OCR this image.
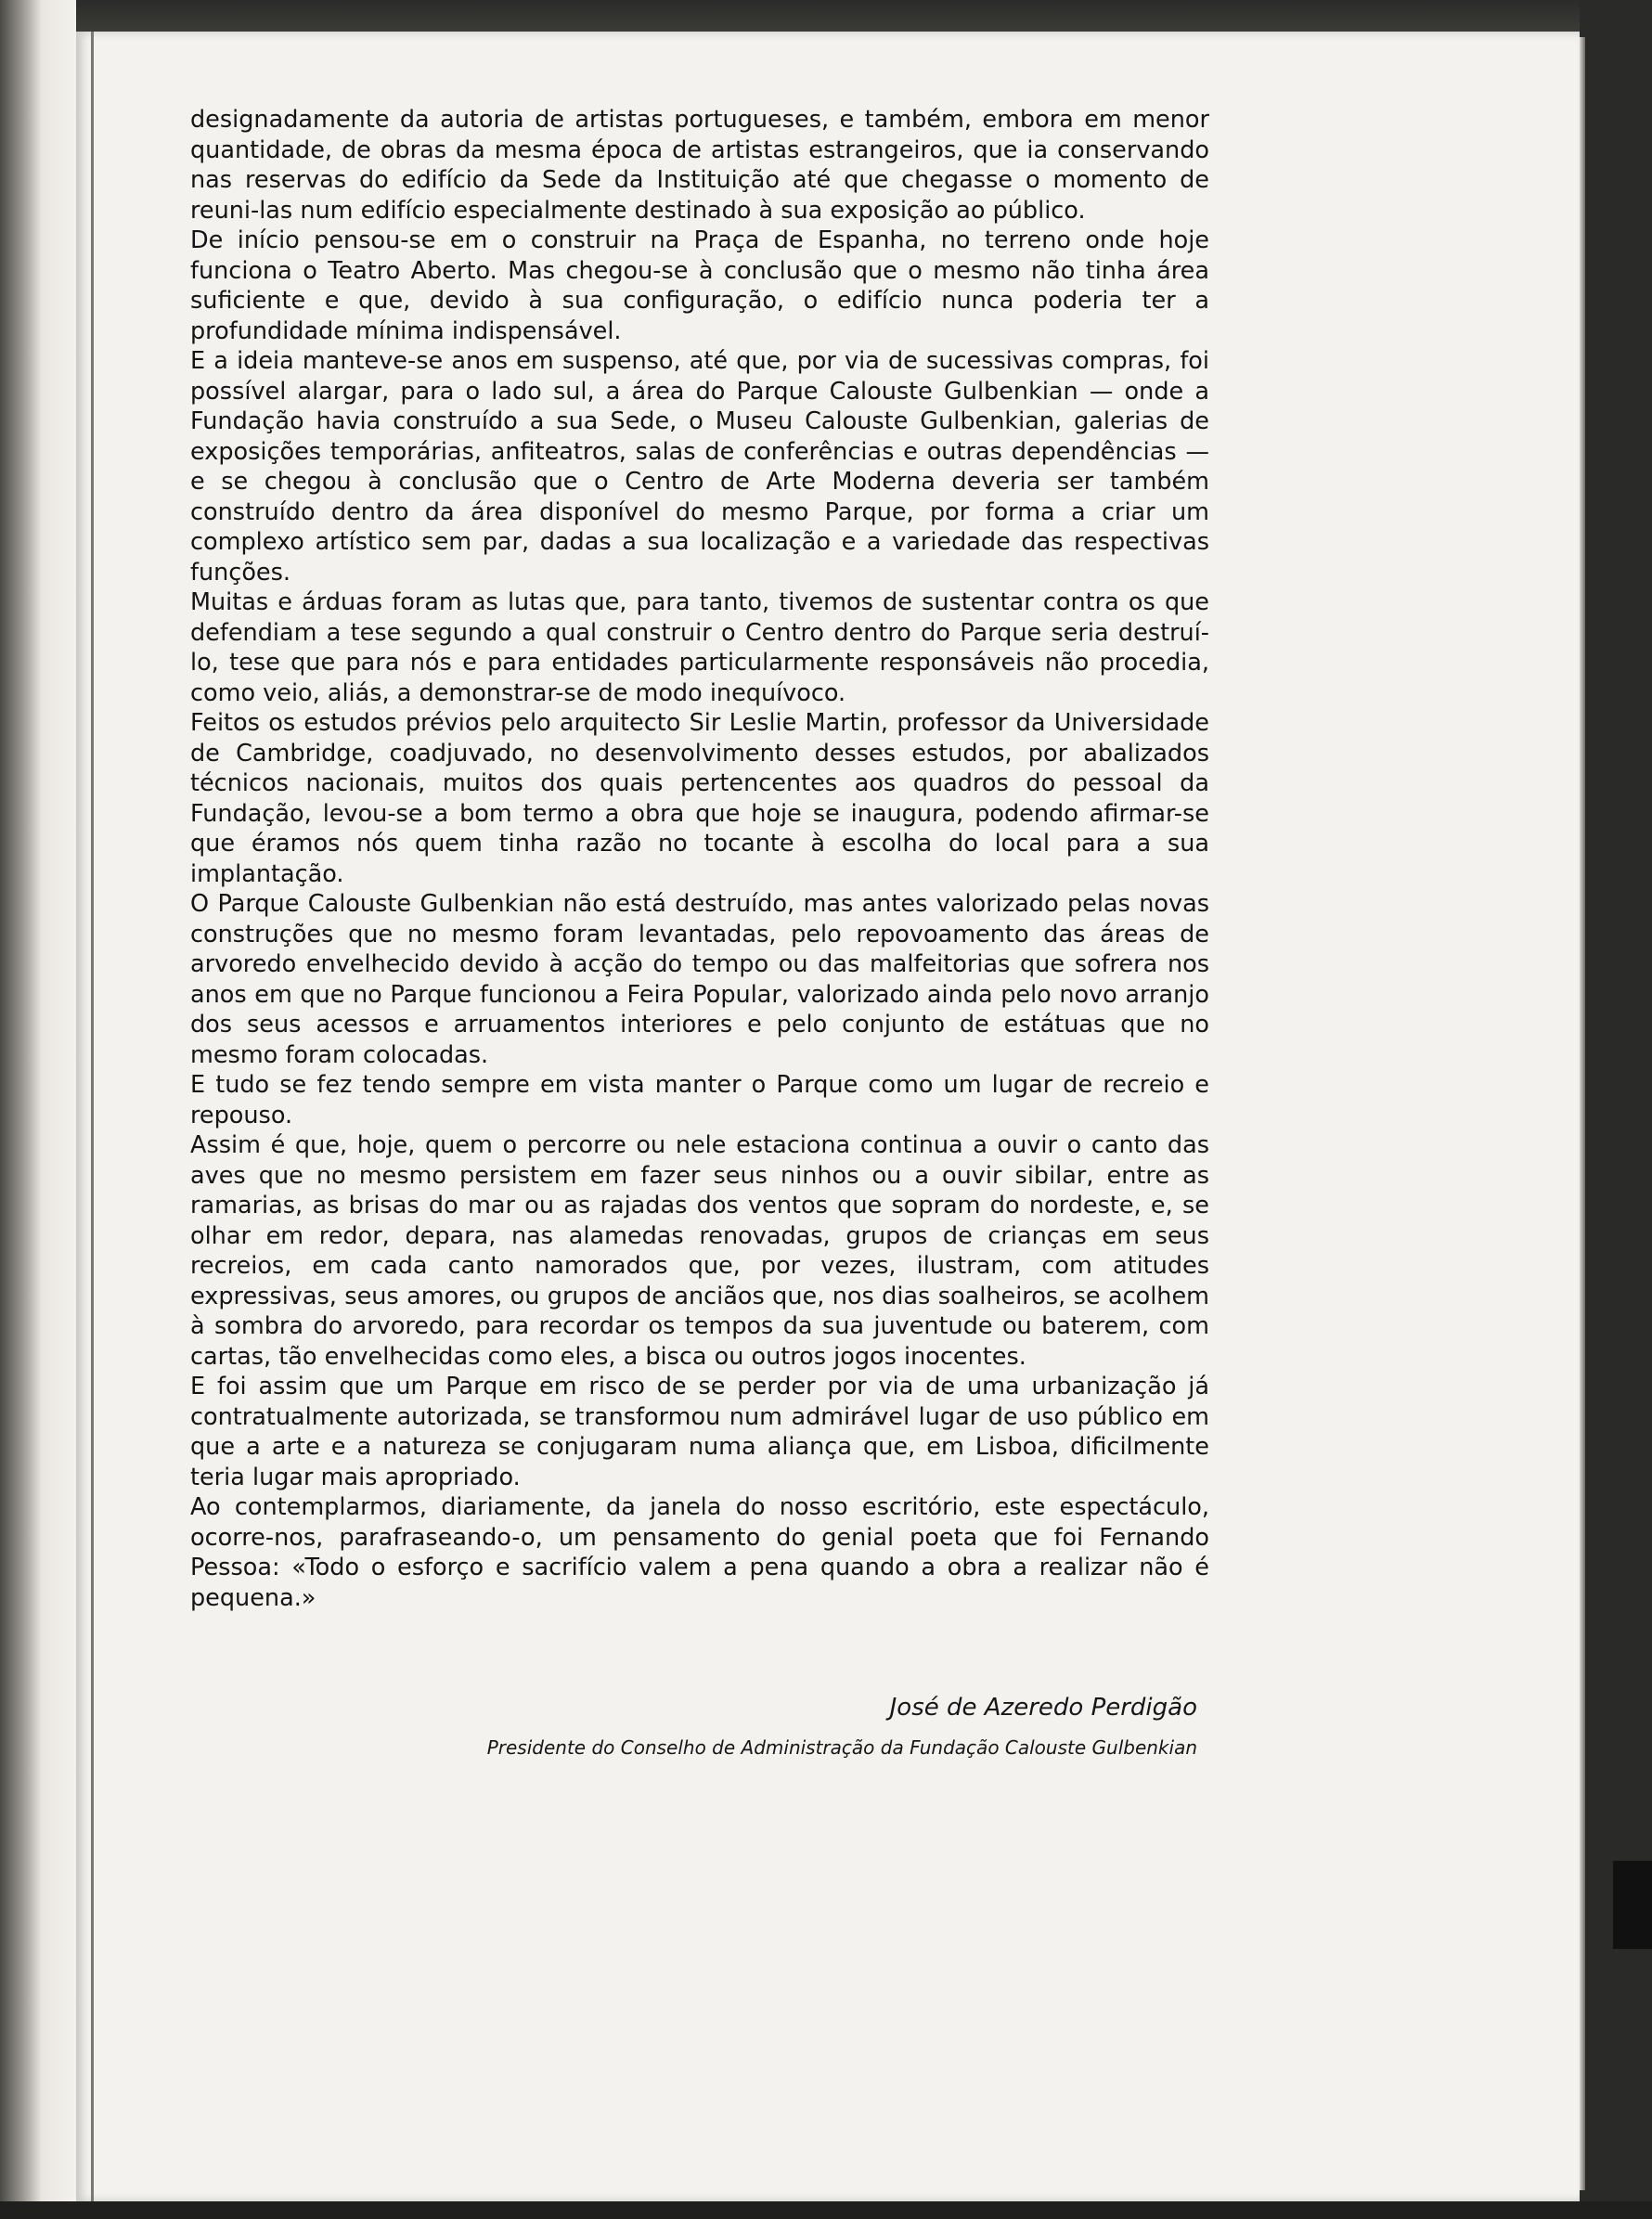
designadamente da autoria de artistas portugueses, e também, embora em menor quantidade, de obras da mesma época de artistas estrangeiros, que ia conservando nas reservas do edifício da Sede da Instituição até que chegasse o momento de reuni-las num edifício especialmente destinado à sua exposição ao público.

De início pensou-se em o construir na Praça de Espanha, no terreno onde hoje funciona o Teatro Aberto. Mas chegou-se à conclusão que o mesmo não tinha área suficiente e que, devido à sua configuração, o edifício nunca poderia ter a profundidade mínima indispensável.

E a ideia manteve-se anos em suspenso, até que, por via de sucessivas compras, foi possível alargar, para o lado sul, a área do Parque Calouste Gulbenkian — onde a Fundação havia construído a sua Sede, o Museu Calouste Gulbenkian, galerias de exposições temporárias, anfiteatros, salas de conferências e outras dependências — e se chegou à conclusão que o Centro de Arte Moderna deveria ser também construído dentro da área disponível do mesmo Parque, por forma a criar um complexo artístico sem par, dadas a sua localização e a variedade das respectivas funções.

Muitas e árduas foram as lutas que, para tanto, tivemos de sustentar contra os que defendiam a tese segundo a qual construir o Centro dentro do Parque seria destruí-lo, tese que para nós e para entidades particularmente responsáveis não procedia, como veio, aliás, a demonstrar-se de modo inequívoco.

Feitos os estudos prévios pelo arquitecto Sir Leslie Martin, professor da Universidade de Cambridge, coadjuvado, no desenvolvimento desses estudos, por abalizados técnicos nacionais, muitos dos quais pertencentes aos quadros do pessoal da Fundação, levou-se a bom termo a obra que hoje se inaugura, podendo afirmar-se que éramos nós quem tinha razão no tocante à escolha do local para a sua implantação.

O Parque Calouste Gulbenkian não está destruído, mas antes valorizado pelas novas construções que no mesmo foram levantadas, pelo repovoamento das áreas de arvoredo envelhecido devido à acção do tempo ou das malfeitorias que sofrera nos anos em que no Parque funcionou a Feira Popular, valorizado ainda pelo novo arranjo dos seus acessos e arruamentos interiores e pelo conjunto de estátuas que no mesmo foram colocadas.

E tudo se fez tendo sempre em vista manter o Parque como um lugar de recreio e repouso.

Assim é que, hoje, quem o percorre ou nele estaciona continua a ouvir o canto das aves que no mesmo persistem em fazer seus ninhos ou a ouvir sibilar, entre as ramarias, as brisas do mar ou as rajadas dos ventos que sopram do nordeste, e, se olhar em redor, depara, nas alamedas renovadas, grupos de crianças em seus recreios, em cada canto namorados que, por vezes, ilustram, com atitudes expressivas, seus amores, ou grupos de anciãos que, nos dias soalheiros, se acolhem à sombra do arvoredo, para recordar os tempos da sua juventude ou baterem, com cartas, tão envelhecidas como eles, a bisca ou outros jogos inocentes.

E foi assim que um Parque em risco de se perder por via de uma urbanização já contratualmente autorizada, se transformou num admirável lugar de uso público em que a arte e a natureza se conjugaram numa aliança que, em Lisboa, dificilmente teria lugar mais apropriado.

Ao contemplarmos, diariamente, da janela do nosso escritório, este espectáculo, ocorre-nos, parafraseando-o, um pensamento do genial poeta que foi Fernando Pessoa: «Todo o esforço e sacrifício valem a pena quando a obra a realizar não é pequena.»

José de Azeredo Perdigão
Presidente do Conselho de Administração da Fundação Calouste Gulbenkian
